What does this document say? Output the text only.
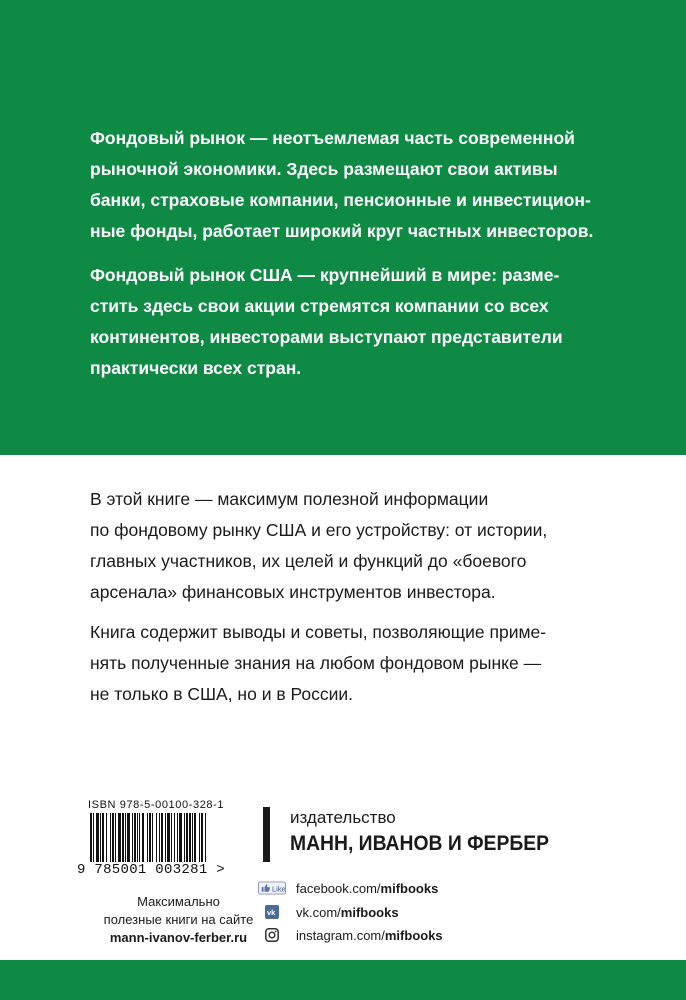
Фондовый рынок — неотъемлемая часть современной
рыночной экономики. Здесь размещают свои активы
банки, страховые компании, пенсионные и инвестицион-
ные фонды, работает широкий круг частных инвесторов.

Фондовый рынок США — крупнейший в мире: разме-
стить здесь свои акции стремятся компании со всех
континентов, инвесторами выступают представители
практически всех стран.

В этой книге — максимум полезной информации
по фондовому рынку США и его устройству: от истории,
главных участников, их целей и функций до «боевого
арсенала» финансовых инструментов инвестора.

Книга содержит выводы и советы, позволяющие приме-
нять полученные знания на любом фондовом рынке —
не только в США, но и в России.

ISBN 978-5-00100-328-1
9 785001 003281 >
издательство
МАНН, ИВАНОВ И ФЕРБЕР
Максимально
полезные книги на сайте
mann-ivanov-ferber.ru
Like facebook.com/mifbooks
vk vk.com/mifbooks
instagram.com/mifbooks
